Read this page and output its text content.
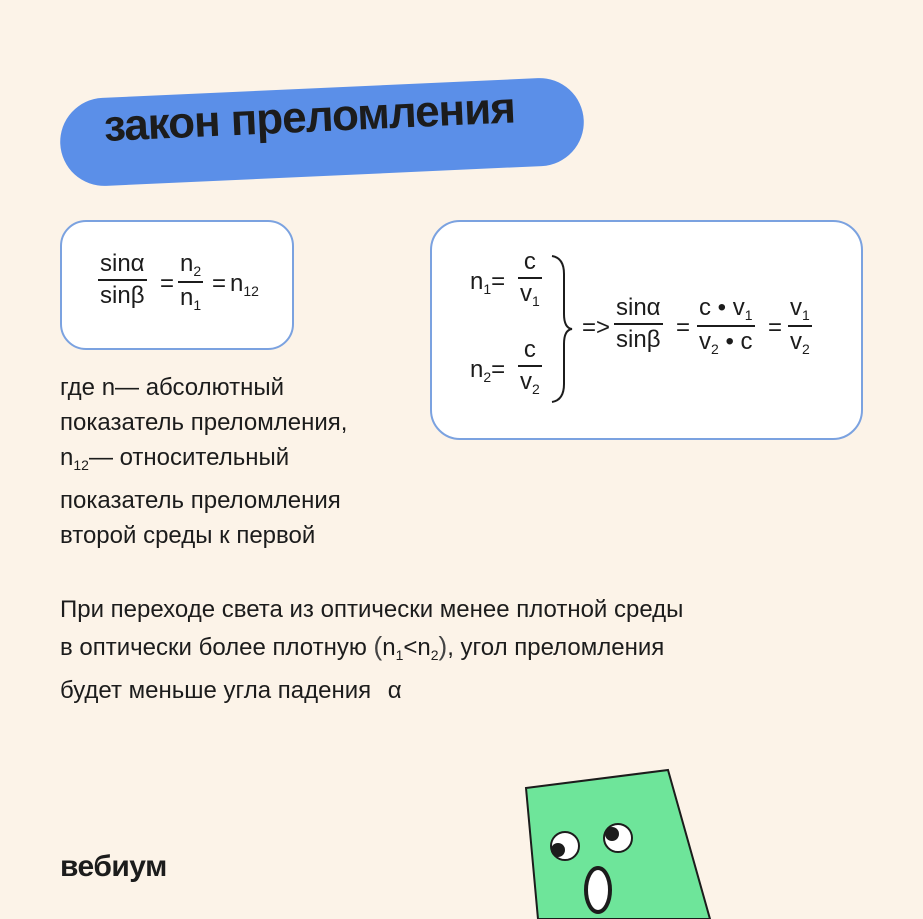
закон преломления
$\frac{\sin\alpha}{\sin\beta} = \frac{n_2}{n_1} = n_{12}$	$n_1= \frac{c}{v_1}$
$n_2= \frac{c}{v_2}$
=> $\frac{\sin\alpha}{\sin\beta} = \frac{c • v_1}{v_2 • c} = \frac{v_1}{v_2}$

где n— абсолютный

показатель преломления,

$n_{12}—$ относительный

показатель преломления

второй среды к первой

При переходе света из оптически менее плотной среды

в оптически более плотную $(n_1<n_2)$, угол преломления

будет меньше угла падения α

вебиум
